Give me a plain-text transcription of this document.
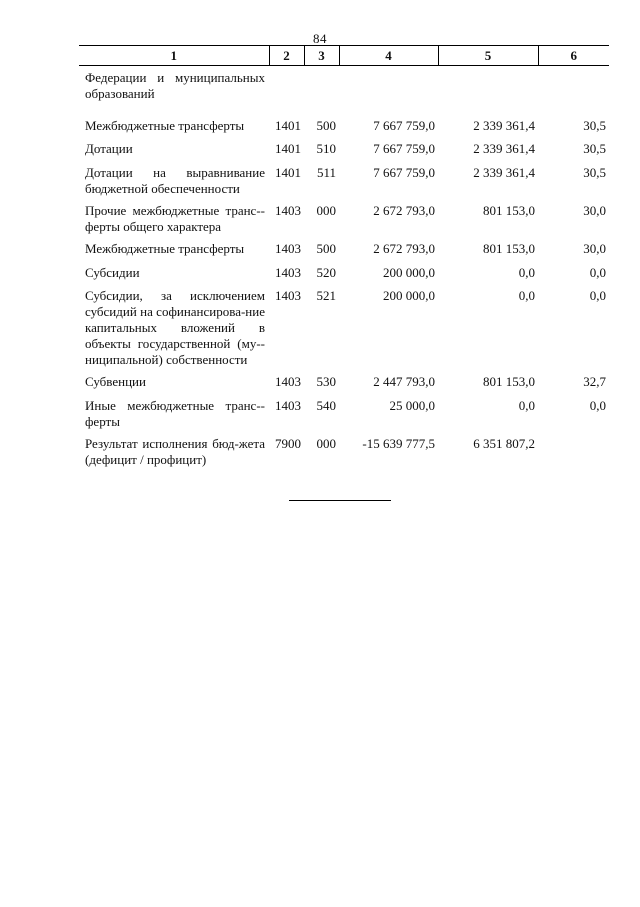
84
1	2	3	4	5	6
Федерации и муниципальных образований					
Межбюджетные трансферты	1401	500	7 667 759,0	2 339 361,4	30,5
Дотации	1401	510	7 667 759,0	2 339 361,4	30,5
Дотации на выравнивание бюджетной обеспеченности	1401	511	7 667 759,0	2 339 361,4	30,5
Прочие межбюджетные транс-ферты общего характера	1403	000	2 672 793,0	801 153,0	30,0
Межбюджетные трансферты	1403	500	2 672 793,0	801 153,0	30,0
Субсидии	1403	520	200 000,0	0,0	0,0
Субсидии, за исключением субсидий на софинансирова-ние капитальных вложений в объекты государственной (му-ниципальной) собственности	1403	521	200 000,0	0,0	0,0
Субвенции	1403	530	2 447 793,0	801 153,0	32,7
Иные межбюджетные транс-ферты	1403	540	25 000,0	0,0	0,0
Результат исполнения бюд-жета (дефицит / профицит)	7900	000	-15 639 777,5	6 351 807,2	
